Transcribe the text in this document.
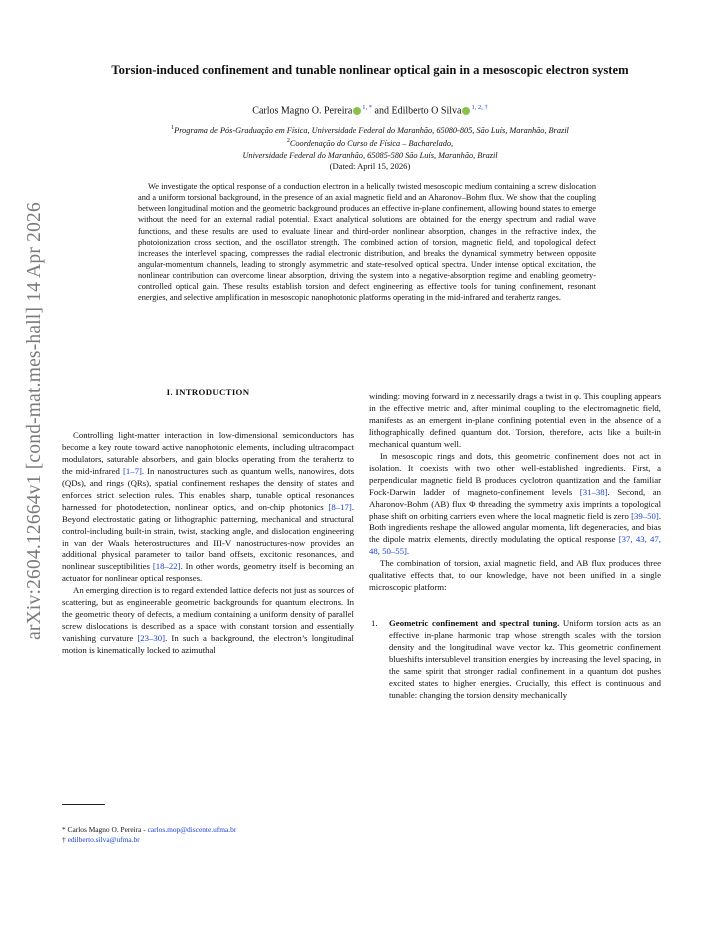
arXiv:2604.12664v1 [cond-mat.mes-hall] 14 Apr 2026
Torsion-induced confinement and tunable nonlinear optical gain in a mesoscopic electron system
Carlos Magno O. Pereira $^{1, *}$ and Edilberto O Silva $^{1, 2, \dagger}$
$^1$Programa de Pós-Graduação em Física, Universidade Federal do Maranhão, 65080-805, São Luís, Maranhão, Brazil
$^2$Coordenação do Curso de Física – Bacharelado,
Universidade Federal do Maranhão, 65085-580 São Luís, Maranhão, Brazil
(Dated: April 15, 2026)
We investigate the optical response of a conduction electron in a helically twisted mesoscopic medium containing a screw dislocation and a uniform torsional background, in the presence of an axial magnetic field and an Aharonov–Bohm flux. We show that the coupling between longitudinal motion and the geometric background produces an effective in-plane confinement, allowing bound states to emerge without the need for an external radial potential. Exact analytical solutions are obtained for the energy spectrum and radial wave functions, and these results are used to evaluate linear and third-order nonlinear absorption, changes in the refractive index, the photoionization cross section, and the oscillator strength. The combined action of torsion, magnetic field, and topological defect increases the interlevel spacing, compresses the radial electronic distribution, and breaks the dynamical symmetry between opposite angular-momentum channels, leading to strongly asymmetric and state-resolved optical spectra. Under intense optical excitation, the nonlinear contribution can overcome linear absorption, driving the system into a negative-absorption regime and enabling geometry-controlled optical gain. These results establish torsion and defect engineering as effective tools for tuning confinement, resonant energies, and selective amplification in mesoscopic nanophotonic platforms operating in the mid-infrared and terahertz ranges.
I. INTRODUCTION

Controlling light-matter interaction in low-dimensional semiconductors has become a key route toward active nanophotonic elements, including ultracompact modulators, saturable absorbers, and gain blocks operating from the terahertz to the mid-infrared [1–7]. In nanostructures such as quantum wells, nanowires, dots (QDs), and rings (QRs), spatial confinement reshapes the density of states and enforces strict selection rules. This enables sharp, tunable optical resonances harnessed for photodetection, nonlinear optics, and on-chip photonics [8–17]. Beyond electrostatic gating or lithographic patterning, mechanical and structural control-including built-in strain, twist, stacking angle, and dislocation engineering in van der Waals heterostructures and III-V nanostructures-now provides an additional physical parameter to tailor band offsets, excitonic resonances, and nonlinear susceptibilities [18–22]. In other words, geometry itself is becoming an actuator for nonlinear optical responses.

An emerging direction is to regard extended lattice defects not just as sources of scattering, but as engineerable geometric backgrounds for quantum electrons. In the geometric theory of defects, a medium containing a uniform density of parallel screw dislocations is described as a space with constant torsion and essentially vanishing curvature [23–30]. In such a background, the electron’s longitudinal motion is kinematically locked to azimuthal

winding: moving forward in z necessarily drags a twist in φ. This coupling appears in the effective metric and, after minimal coupling to the electromagnetic field, manifests as an emergent in-plane confining potential even in the absence of a lithographically defined quantum dot. Torsion, therefore, acts like a built-in mechanical quantum well.

In mesoscopic rings and dots, this geometric confinement does not act in isolation. It coexists with two other well-established ingredients. First, a perpendicular magnetic field B produces cyclotron quantization and the familiar Fock-Darwin ladder of magneto-confinement levels [31–38]. Second, an Aharonov-Bohm (AB) flux Φ threading the symmetry axis imprints a topological phase shift on orbiting carriers even where the local magnetic field is zero [39–50]. Both ingredients reshape the allowed angular momenta, lift degeneracies, and bias the dipole matrix elements, directly modulating the optical response [37, 43, 47, 48, 50–55].

The combination of torsion, axial magnetic field, and AB flux produces three qualitative effects that, to our knowledge, have not been unified in a single microscopic platform:

1. Geometric confinement and spectral tuning. Uniform torsion acts as an effective in-plane harmonic trap whose strength scales with the torsion density and the longitudinal wave vector kz. This geometric confinement blueshifts intersublevel transition energies by increasing the level spacing, in the same spirit that stronger radial confinement in a quantum dot pushes excited states to higher energies. Crucially, this effect is continuous and tunable: changing the torsion density mechanically
* Carlos Magno O. Pereira - carlos.mop@discente.ufma.br
† edilberto.silva@ufma.br
